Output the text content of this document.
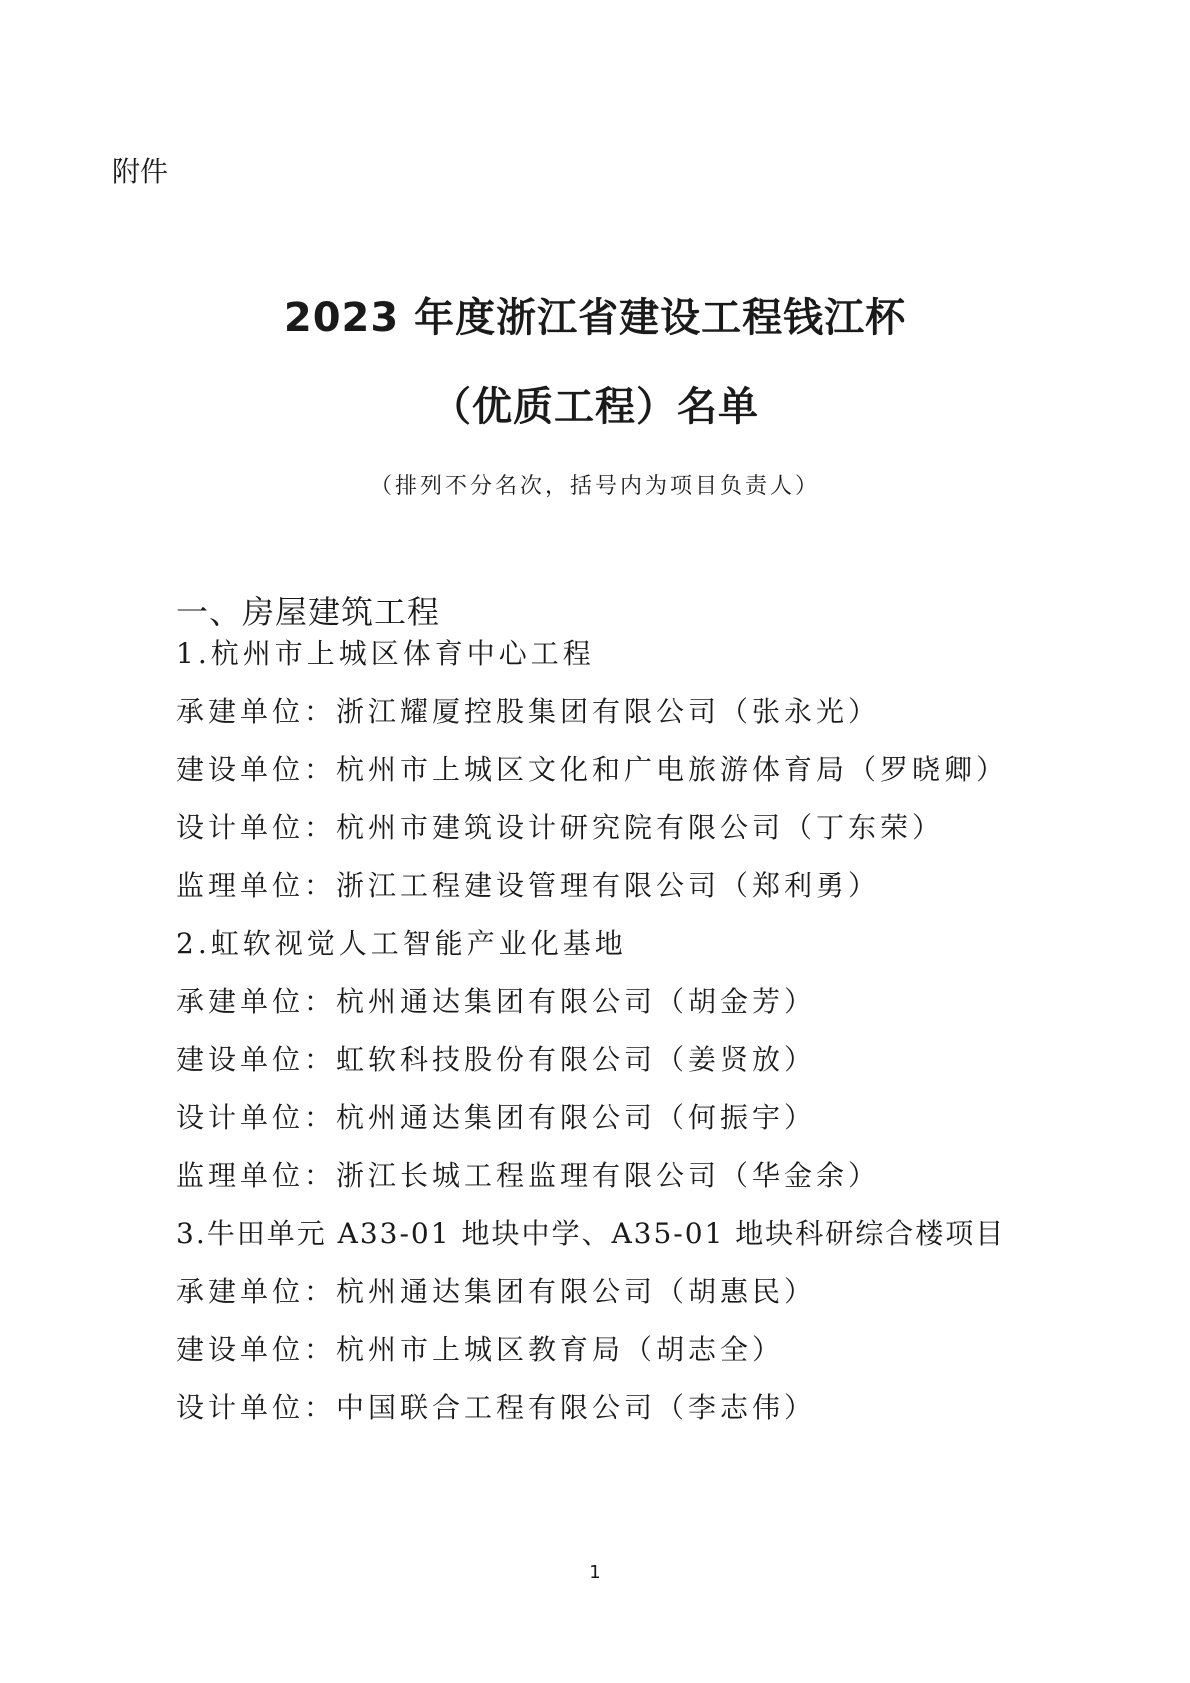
附件
2023 年度浙江省建设工程钱江杯
（优质工程）名单
（排列不分名次，括号内为项目负责人）
一、房屋建筑工程
1.杭州市上城区体育中心工程
承建单位：浙江耀厦控股集团有限公司（张永光）
建设单位：杭州市上城区文化和广电旅游体育局（罗晓卿）
设计单位：杭州市建筑设计研究院有限公司（丁东荣）
监理单位：浙江工程建设管理有限公司（郑利勇）
2.虹软视觉人工智能产业化基地
承建单位：杭州通达集团有限公司（胡金芳）
建设单位：虹软科技股份有限公司（姜贤放）
设计单位：杭州通达集团有限公司（何振宇）
监理单位：浙江长城工程监理有限公司（华金余）
3.牛田单元 A33-01 地块中学、A35-01 地块科研综合楼项目
承建单位：杭州通达集团有限公司（胡惠民）
建设单位：杭州市上城区教育局（胡志全）
设计单位：中国联合工程有限公司（李志伟）
1
